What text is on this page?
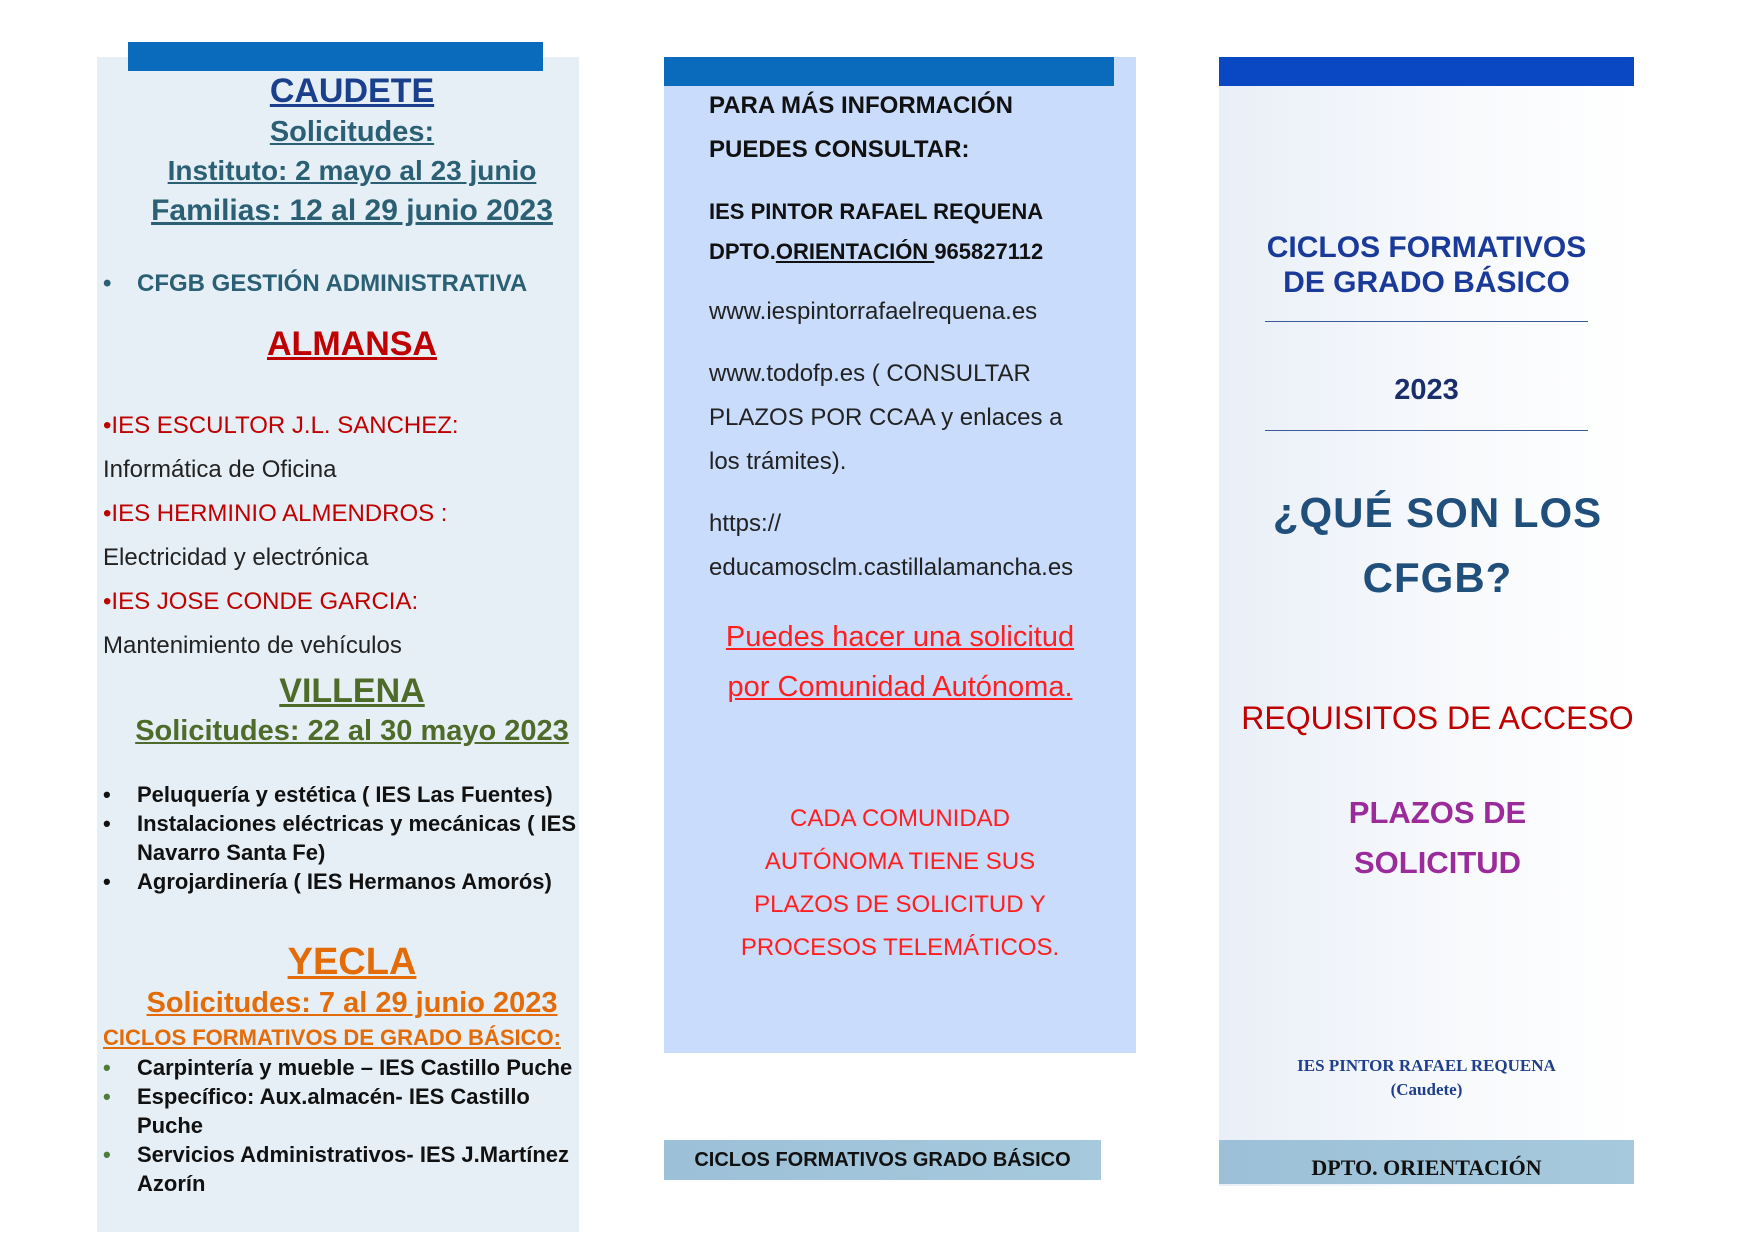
CAUDETE
Solicitudes:
Instituto: 2 mayo al 23 junio
Familias: 12 al 29 junio 2023
•	CFGB GESTIÓN ADMINISTRATIVA
ALMANSA
•IES ESCULTOR J.L. SANCHEZ:
Informática de Oficina
•IES HERMINIO ALMENDROS :
Electricidad y electrónica
•IES JOSE CONDE GARCIA:
Mantenimiento de vehículos
VILLENA
Solicitudes: 22 al 30 mayo 2023
•	Peluquería y estética ( IES Las Fuentes)
•	Instalaciones eléctricas y mecánicas ( IES Navarro Santa Fe)
•	Agrojardinería ( IES Hermanos Amorós)
YECLA
Solicitudes: 7 al 29 junio 2023
CICLOS FORMATIVOS DE GRADO BÁSICO:
•	Carpintería y mueble – IES Castillo Puche
•	Específico: Aux.almacén- IES Castillo Puche
•	Servicios Administrativos- IES J.Martínez Azorín
PARA MÁS INFORMACIÓN
PUEDES CONSULTAR:
IES PINTOR RAFAEL REQUENA
DPTO.ORIENTACIÓN 965827112
www.iespintorrafaelrequena.es
www.todofp.es ( CONSULTAR
PLAZOS POR CCAA y enlaces a
los trámites).
https://
educamosclm.castillalamancha.es
Puedes hacer una solicitud
por Comunidad Autónoma.
CADA COMUNIDAD
AUTÓNOMA TIENE SUS
PLAZOS DE SOLICITUD Y
PROCESOS TELEMÁTICOS.
CICLOS FORMATIVOS GRADO BÁSICO
CICLOS FORMATIVOS
DE GRADO BÁSICO
2023
¿QUÉ SON LOS
CFGB?
REQUISITOS DE ACCESO
PLAZOS DE
SOLICITUD
IES PINTOR RAFAEL REQUENA
(Caudete)
DPTO. ORIENTACIÓN
